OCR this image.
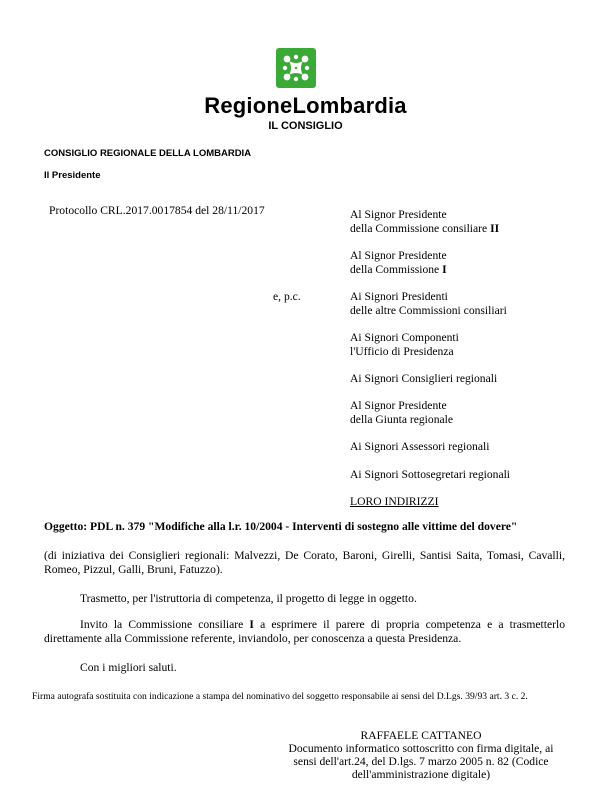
RegioneLombardia
IL CONSIGLIO
CONSIGLIO REGIONALE DELLA LOMBARDIA
Il Presidente
Protocollo CRL.2017.0017854 del 28/11/2017	Al Signor Presidente
della Commissione consiliare II
Al Signor Presidente
della Commissione I
e, p.c.	Ai Signori Presidenti
delle altre Commissioni consiliari
Ai Signori Componenti
l'Ufficio di Presidenza
Ai Signori Consiglieri regionali
Al Signor Presidente
della Giunta regionale
Ai Signori Assessori regionali
Ai Signori Sottosegretari regionali
LORO INDIRIZZI
Oggetto: PDL n. 379 "Modifiche alla l.r. 10/2004 - Interventi di sostegno alle vittime del dovere"
(di iniziativa dei Consiglieri regionali: Malvezzi, De Corato, Baroni, Girelli, Santisi Saita, Tomasi, Cavalli, Romeo, Pizzul, Galli, Bruni, Fatuzzo).
Trasmetto, per l'istruttoria di competenza, il progetto di legge in oggetto.
Invito la Commissione consiliare I a esprimere il parere di propria competenza e a trasmetterlo direttamente alla Commissione referente, inviandolo, per conoscenza a questa Presidenza.
Con i migliori saluti.
Firma autografa sostituita con indicazione a stampa del nominativo del soggetto responsabile ai sensi del D.Lgs. 39/93 art. 3 c. 2.
RAFFAELE CATTANEO
Documento informatico sottoscritto con firma digitale, ai sensi dell'art.24, del D.lgs. 7 marzo 2005 n. 82 (Codice dell'amministrazione digitale)
